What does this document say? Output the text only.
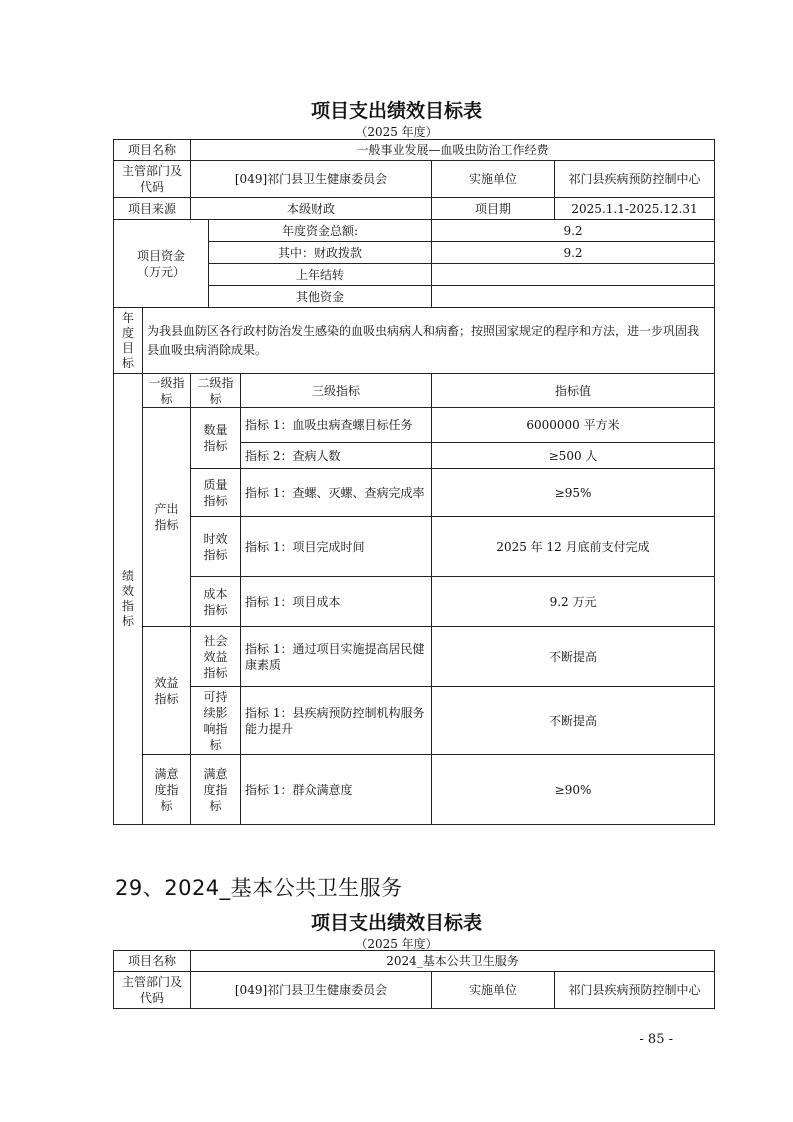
项目支出绩效目标表
（2025 年度）
项目名称		一般事业发展—血吸虫防治工作经费				
主管部门及代码		[049]祁门县卫生健康委员会			实施单位	祁门县疾病预防控制中心
项目来源		本级财政			项目期	2025.1.1-2025.12.31
项目资金（万元）			年度资金总额:		9.2	
			其中：财政拨款		9.2	
			上年结转			
			其他资金			
年度目标	为我县血防区各行政村防治发生感染的血吸虫病病人和病畜；按照国家规定的程序和方法，进一步巩固我县血吸虫病消除成果。					
绩效指标	一级指标	二级指标		三级指标	指标值	
	产出指标	数量指标		指标 1：血吸虫病查螺目标任务	6000000 平方米	
				指标 2：查病人数	≥500 人	
		质量指标		指标 1：查螺、灭螺、查病完成率	≥95%	
		时效指标		指标 1：项目完成时间	2025 年 12 月底前支付完成	
		成本指标		指标 1：项目成本	9.2 万元	
	效益指标	社会效益指标		指标 1：通过项目实施提高居民健康素质	不断提高	
		可持续影响指标		指标 1：县疾病预防控制机构服务能力提升	不断提高	
	满意度指标	满意度指标		指标 1：群众满意度	≥90%	
29、2024_基本公共卫生服务
项目支出绩效目标表
（2025 年度）
项目名称	2024_基本公共卫生服务		
主管部门及代码	[049]祁门县卫生健康委员会	实施单位	祁门县疾病预防控制中心
- 85 -
